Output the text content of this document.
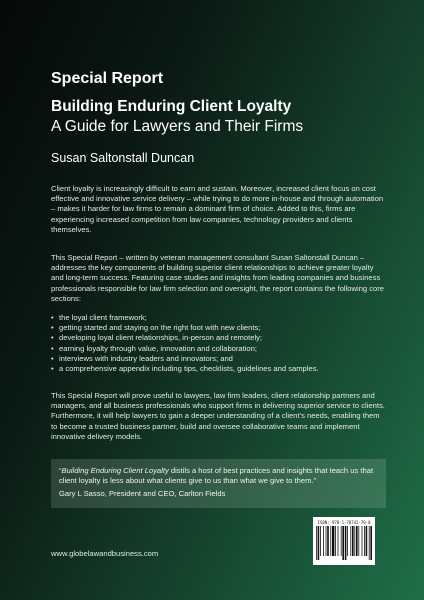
Special Report
Building Enduring Client Loyalty
A Guide for Lawyers and Their Firms
Susan Saltonstall Duncan

Client loyalty is increasingly difficult to earn and sustain. Moreover, increased client focus on cost effective and innovative service delivery – while trying to do more in-house and through automation – makes it harder for law firms to remain a dominant firm of choice. Added to this, firms are experiencing increased competition from law companies, technology providers and clients themselves.

This Special Report – written by veteran management consultant Susan Saltonstall Duncan – addresses the key components of building superior client relationships to achieve greater loyalty and long-term success. Featuring case studies and insights from leading companies and business professionals responsible for law firm selection and oversight, the report contains the following core sections:

• the loyal client framework;
• getting started and staying on the right foot with new clients;
• developing loyal client relationships, in-person and remotely;
• earning loyalty through value, innovation and collaboration;
• interviews with industry leaders and innovators; and
• a comprehensive appendix including tips, checklists, guidelines and samples.

This Special Report will prove useful to lawyers, law firm leaders, client relationship partners and managers, and all business professionals who support firms in delivering superior service to clients. Furthermore, it will help lawyers to gain a deeper understanding of a client's needs, enabling them to become a trusted business partner, build and oversee collaborative teams and implement innovative delivery models.

“Building Enduring Client Loyalty distils a host of best practices and insights that teach us that client loyalty is less about what clients give to us than what we give to them.”
Gary L Sasso, President and CEO, Carlton Fields
www.globelawandbusiness.com
ISBN: 978-1-78742-70-8
